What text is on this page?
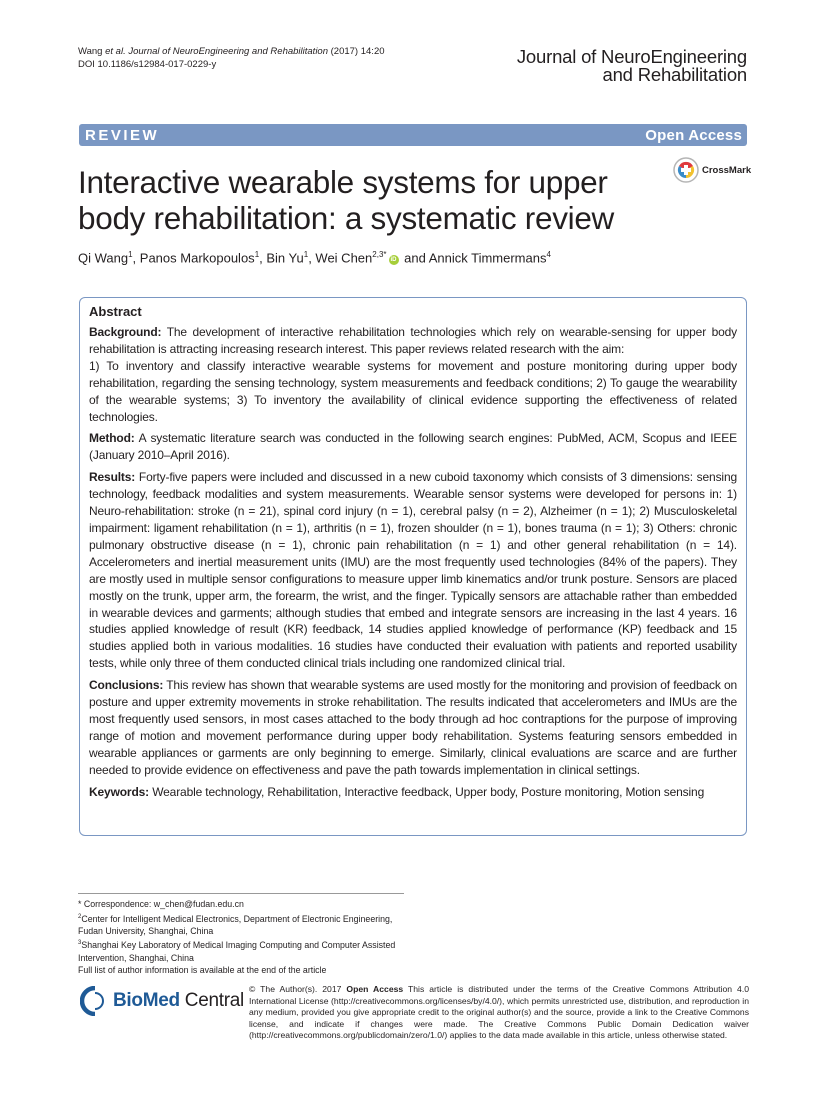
Wang et al. Journal of NeuroEngineering and Rehabilitation (2017) 14:20
DOI 10.1186/s12984-017-0229-y	Journal of NeuroEngineering
and Rehabilitation
REVIEW	Open Access
Interactive wearable systems for upper body rehabilitation: a systematic review
CrossMark
Qi Wang$^1$, Panos Markopoulos$^1$, Bin Yu$^1$, Wei Chen$^{2,3*}$iD and Annick Timmermans$^4$
Abstract

Background: The development of interactive rehabilitation technologies which rely on wearable-sensing for upper body rehabilitation is attracting increasing research interest. This paper reviews related research with the aim:
1) To inventory and classify interactive wearable systems for movement and posture monitoring during upper body rehabilitation, regarding the sensing technology, system measurements and feedback conditions; 2) To gauge the wearability of the wearable systems; 3) To inventory the availability of clinical evidence supporting the effectiveness of related technologies.

Method: A systematic literature search was conducted in the following search engines: PubMed, ACM, Scopus and IEEE (January 2010–April 2016).

Results: Forty-five papers were included and discussed in a new cuboid taxonomy which consists of 3 dimensions: sensing technology, feedback modalities and system measurements. Wearable sensor systems were developed for persons in: 1) Neuro-rehabilitation: stroke (n = 21), spinal cord injury (n = 1), cerebral palsy (n = 2), Alzheimer (n = 1); 2) Musculoskeletal impairment: ligament rehabilitation (n = 1), arthritis (n = 1), frozen shoulder (n = 1), bones trauma (n = 1); 3) Others: chronic pulmonary obstructive disease (n = 1), chronic pain rehabilitation (n = 1) and other general rehabilitation (n = 14). Accelerometers and inertial measurement units (IMU) are the most frequently used technologies (84% of the papers). They are mostly used in multiple sensor configurations to measure upper limb kinematics and/or trunk posture. Sensors are placed mostly on the trunk, upper arm, the forearm, the wrist, and the finger. Typically sensors are attachable rather than embedded in wearable devices and garments; although studies that embed and integrate sensors are increasing in the last 4 years. 16 studies applied knowledge of result (KR) feedback, 14 studies applied knowledge of performance (KP) feedback and 15 studies applied both in various modalities. 16 studies have conducted their evaluation with patients and reported usability tests, while only three of them conducted clinical trials including one randomized clinical trial.

Conclusions: This review has shown that wearable systems are used mostly for the monitoring and provision of feedback on posture and upper extremity movements in stroke rehabilitation. The results indicated that accelerometers and IMUs are the most frequently used sensors, in most cases attached to the body through ad hoc contraptions for the purpose of improving range of motion and movement performance during upper body rehabilitation. Systems featuring sensors embedded in wearable appliances or garments are only beginning to emerge. Similarly, clinical evaluations are scarce and are further needed to provide evidence on effectiveness and pave the path towards implementation in clinical settings.

Keywords: Wearable technology, Rehabilitation, Interactive feedback, Upper body, Posture monitoring, Motion sensing

* Correspondence: w_chen@fudan.edu.cn
$^2$Center for Intelligent Medical Electronics, Department of Electronic Engineering, Fudan University, Shanghai, China
$^3$Shanghai Key Laboratory of Medical Imaging Computing and Computer Assisted Intervention, Shanghai, China
Full list of author information is available at the end of the article
BioMed Central
© The Author(s). 2017 Open Access This article is distributed under the terms of the Creative Commons Attribution 4.0 International License (http://creativecommons.org/licenses/by/4.0/), which permits unrestricted use, distribution, and reproduction in any medium, provided you give appropriate credit to the original author(s) and the source, provide a link to the Creative Commons license, and indicate if changes were made. The Creative Commons Public Domain Dedication waiver (http://creativecommons.org/publicdomain/zero/1.0/) applies to the data made available in this article, unless otherwise stated.
